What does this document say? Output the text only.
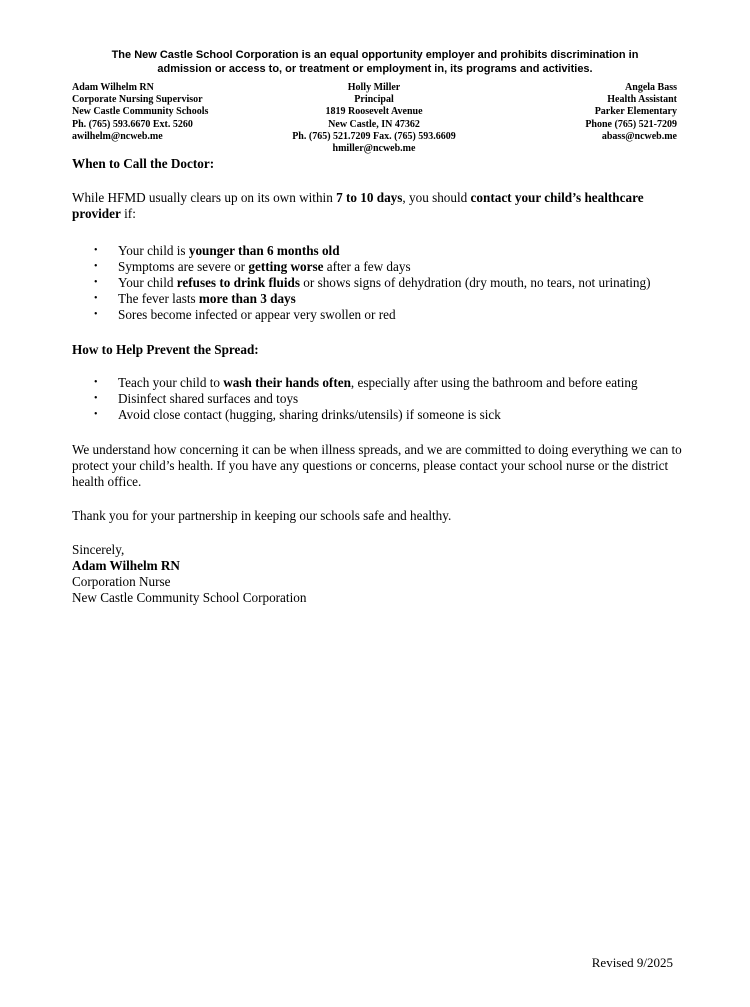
The New Castle School Corporation is an equal opportunity employer and prohibits discrimination in
admission or access to, or treatment or employment in, its programs and activities.
Adam Wilhelm RN
Corporate Nursing Supervisor
New Castle Community Schools
Ph. (765) 593.6670 Ext. 5260
awilhelm@ncweb.me
Holly Miller
Principal
1819 Roosevelt Avenue
New Castle, IN 47362
Ph. (765) 521.7209 Fax. (765) 593.6609
hmiller@ncweb.me
Angela Bass
Health Assistant
Parker Elementary
Phone (765) 521-7209
abass@ncweb.me
When to Call the Doctor:

While HFMD usually clears up on its own within 7 to 10 days, you should contact your child’s healthcare provider if:

• Your child is younger than 6 months old
• Symptoms are severe or getting worse after a few days
• Your child refuses to drink fluids or shows signs of dehydration (dry mouth, no tears, not urinating)
• The fever lasts more than 3 days
• Sores become infected or appear very swollen or red
How to Help Prevent the Spread:
• Teach your child to wash their hands often, especially after using the bathroom and before eating
• Disinfect shared surfaces and toys
• Avoid close contact (hugging, sharing drinks/utensils) if someone is sick

We understand how concerning it can be when illness spreads, and we are committed to doing everything we can to protect your child’s health. If you have any questions or concerns, please contact your school nurse or the district health office.

Thank you for your partnership in keeping our schools safe and healthy.

Sincerely,

Adam Wilhelm RN

Corporation Nurse

New Castle Community School Corporation

Revised 9/2025
